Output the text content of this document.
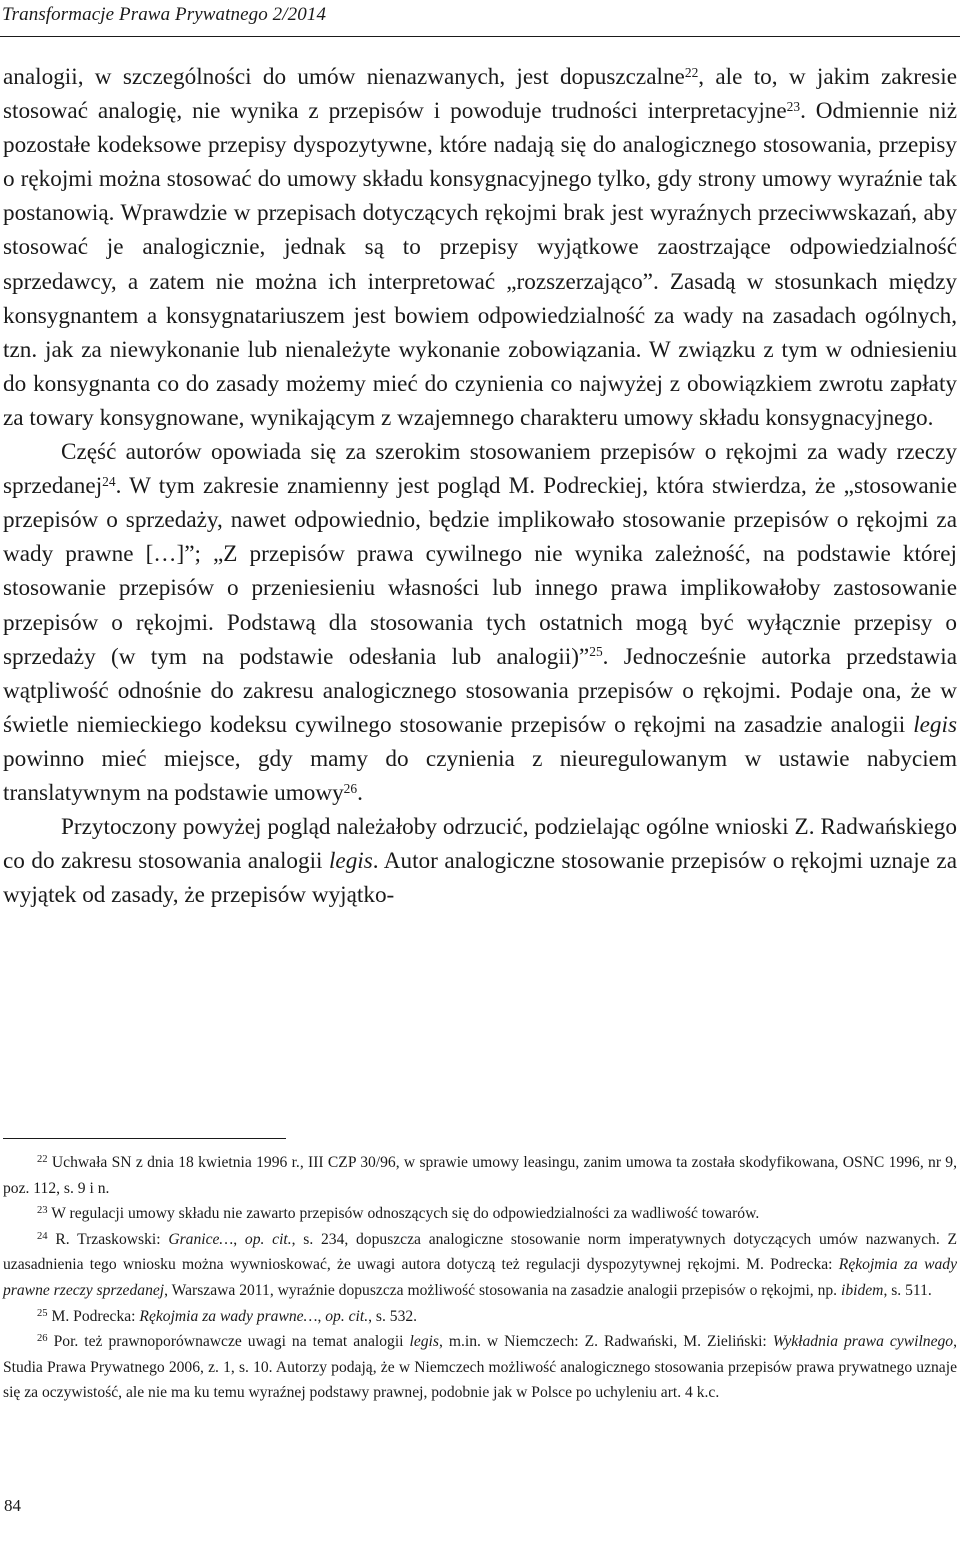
Transformacje Prawa Prywatnego 2/2014

analogii, w szczególności do umów nienazwanych, jest dopuszczalne$^{22}$, ale to, w jakim zakresie stosować analogię, nie wynika z przepisów i powoduje trudności interpretacyjne$^{23}$. Odmiennie niż pozostałe kodeksowe przepisy dyspozytywne, które nadają się do analogicznego stosowania, przepisy o rękojmi można stosować do umowy składu konsygnacyjnego tylko, gdy strony umowy wyraźnie tak postanowią. Wprawdzie w przepisach dotyczących rękojmi brak jest wyraźnych przeciwwskazań, aby stosować je analogicznie, jednak są to przepisy wyjątkowe zaostrzające odpowiedzialność sprzedawcy, a zatem nie można ich interpretować „rozszerzająco”. Zasadą w stosunkach między konsygnantem a konsygnatariuszem jest bowiem odpowiedzialność za wady na zasadach ogólnych, tzn. jak za niewykonanie lub nienależyte wykonanie zobowiązania. W związku z tym w odniesieniu do konsygnanta co do zasady możemy mieć do czynienia co najwyżej z obowiązkiem zwrotu zapłaty za towary konsygnowane, wynikającym z wzajemnego charakteru umowy składu konsygnacyjnego.

Część autorów opowiada się za szerokim stosowaniem przepisów o rękojmi za wady rzeczy sprzedanej$^{24}$. W tym zakresie znamienny jest pogląd M. Podreckiej, która stwierdza, że „stosowanie przepisów o sprzedaży, nawet odpowiednio, będzie implikowało stosowanie przepisów o rękojmi za wady prawne […]”; „Z przepisów prawa cywilnego nie wynika zależność, na podstawie której stosowanie przepisów o przeniesieniu własności lub innego prawa implikowałoby zastosowanie przepisów o rękojmi. Podstawą dla stosowania tych ostatnich mogą być wyłącznie przepisy o sprzedaży (w tym na podstawie odesłania lub analogii)”$^{25}$. Jednocześnie autorka przedstawia wątpliwość odnośnie do zakresu analogicznego stosowania przepisów o rękojmi. Podaje ona, że w świetle niemieckiego kodeksu cywilnego stosowanie przepisów o rękojmi na zasadzie analogii legis powinno mieć miejsce, gdy mamy do czynienia z nieuregulowanym w ustawie nabyciem translatywnym na podstawie umowy$^{26}$.

Przytoczony powyżej pogląd należałoby odrzucić, podzielając ogólne wnioski Z. Radwańskiego co do zakresu stosowania analogii legis. Autor analogiczne stosowanie przepisów o rękojmi uznaje za wyjątek od zasady, że przepisów wyjątko-

$^{22}$ Uchwała SN z dnia 18 kwietnia 1996 r., III CZP 30/96, w sprawie umowy leasingu, zanim umowa ta została skodyfikowana, OSNC 1996, nr 9, poz. 112, s. 9 i n.

$^{23}$ W regulacji umowy składu nie zawarto przepisów odnoszących się do odpowiedzialności za wadliwość towarów.

$^{24}$ R. Trzaskowski: Granice…, op. cit., s. 234, dopuszcza analogiczne stosowanie norm imperatywnych dotyczących umów nazwanych. Z uzasadnienia tego wniosku można wywnioskować, że uwagi autora dotyczą też regulacji dyspozytywnej rękojmi. M. Podrecka: Rękojmia za wady prawne rzeczy sprzedanej, Warszawa 2011, wyraźnie dopuszcza możliwość stosowania na zasadzie analogii przepisów o rękojmi, np. ibidem, s. 511.

$^{25}$ M. Podrecka: Rękojmia za wady prawne…, op. cit., s. 532.

$^{26}$ Por. też prawnoporównawcze uwagi na temat analogii legis, m.in. w Niemczech: Z. Radwański, M. Zieliński: Wykładnia prawa cywilnego, Studia Prawa Prywatnego 2006, z. 1, s. 10. Autorzy podają, że w Niemczech możliwość analogicznego stosowania przepisów prawa prywatnego uznaje się za oczywistość, ale nie ma ku temu wyraźnej podstawy prawnej, podobnie jak w Polsce po uchyleniu art. 4 k.c.

84
